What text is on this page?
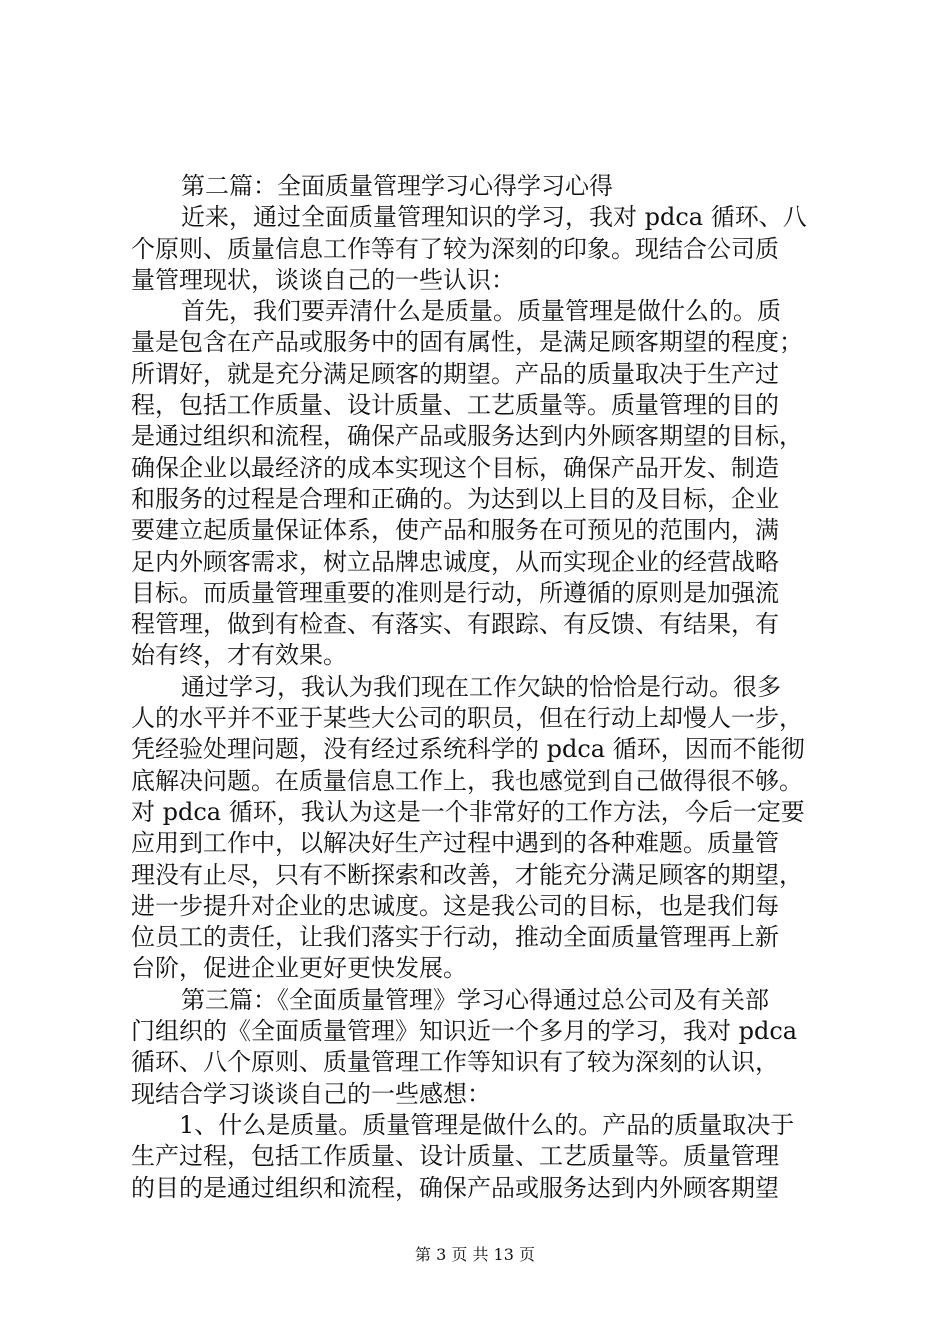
第二篇：全面质量管理学习心得学习心得
近来，通过全面质量管理知识的学习，我对 pdca 循环、八
个原则、质量信息工作等有了较为深刻的印象。现结合公司质
量管理现状，谈谈自己的一些认识：
首先，我们要弄清什么是质量。质量管理是做什么的。质
量是包含在产品或服务中的固有属性，是满足顾客期望的程度；
所谓好，就是充分满足顾客的期望。产品的质量取决于生产过
程，包括工作质量、设计质量、工艺质量等。质量管理的目的
是通过组织和流程，确保产品或服务达到内外顾客期望的目标，
确保企业以最经济的成本实现这个目标，确保产品开发、制造
和服务的过程是合理和正确的。为达到以上目的及目标，企业
要建立起质量保证体系，使产品和服务在可预见的范围内，满
足内外顾客需求，树立品牌忠诚度，从而实现企业的经营战略
目标。而质量管理重要的准则是行动，所遵循的原则是加强流
程管理，做到有检查、有落实、有跟踪、有反馈、有结果，有
始有终，才有效果。
通过学习，我认为我们现在工作欠缺的恰恰是行动。很多
人的水平并不亚于某些大公司的职员，但在行动上却慢人一步，
凭经验处理问题，没有经过系统科学的 pdca 循环，因而不能彻
底解决问题。在质量信息工作上，我也感觉到自己做得很不够。
对 pdca 循环，我认为这是一个非常好的工作方法，今后一定要
应用到工作中，以解决好生产过程中遇到的各种难题。质量管
理没有止尽，只有不断探索和改善，才能充分满足顾客的期望，
进一步提升对企业的忠诚度。这是我公司的目标，也是我们每
位员工的责任，让我们落实于行动，推动全面质量管理再上新
台阶，促进企业更好更快发展。
第三篇：《全面质量管理》学习心得通过总公司及有关部
门组织的《全面质量管理》知识近一个多月的学习，我对 pdca
循环、八个原则、质量管理工作等知识有了较为深刻的认识，
现结合学习谈谈自己的一些感想：
1、什么是质量。质量管理是做什么的。产品的质量取决于
生产过程，包括工作质量、设计质量、工艺质量等。质量管理
的目的是通过组织和流程，确保产品或服务达到内外顾客期望
第 3 页 共 13 页
